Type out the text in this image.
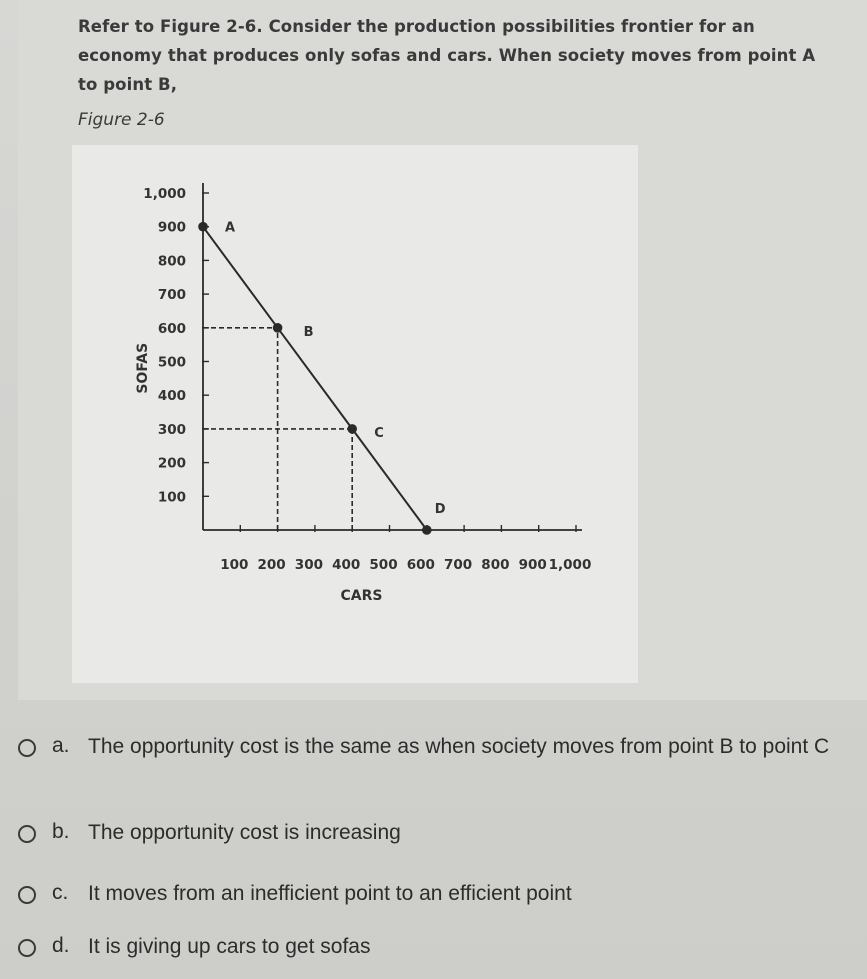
Refer to Figure 2-6. Consider the production possibilities frontier for an economy that produces only sofas and cars. When society moves from point A to point B,
Figure 2-6
100
200
300
400
500
600
700
800
900
1,000
100 200 300 400 500 600 700 800 900 1,000
CARS
SOFAS
A
B
C
D
a. The opportunity cost is the same as when society moves from point B to point C
b. The opportunity cost is increasing
c. It moves from an inefficient point to an efficient point
d. It is giving up cars to get sofas
